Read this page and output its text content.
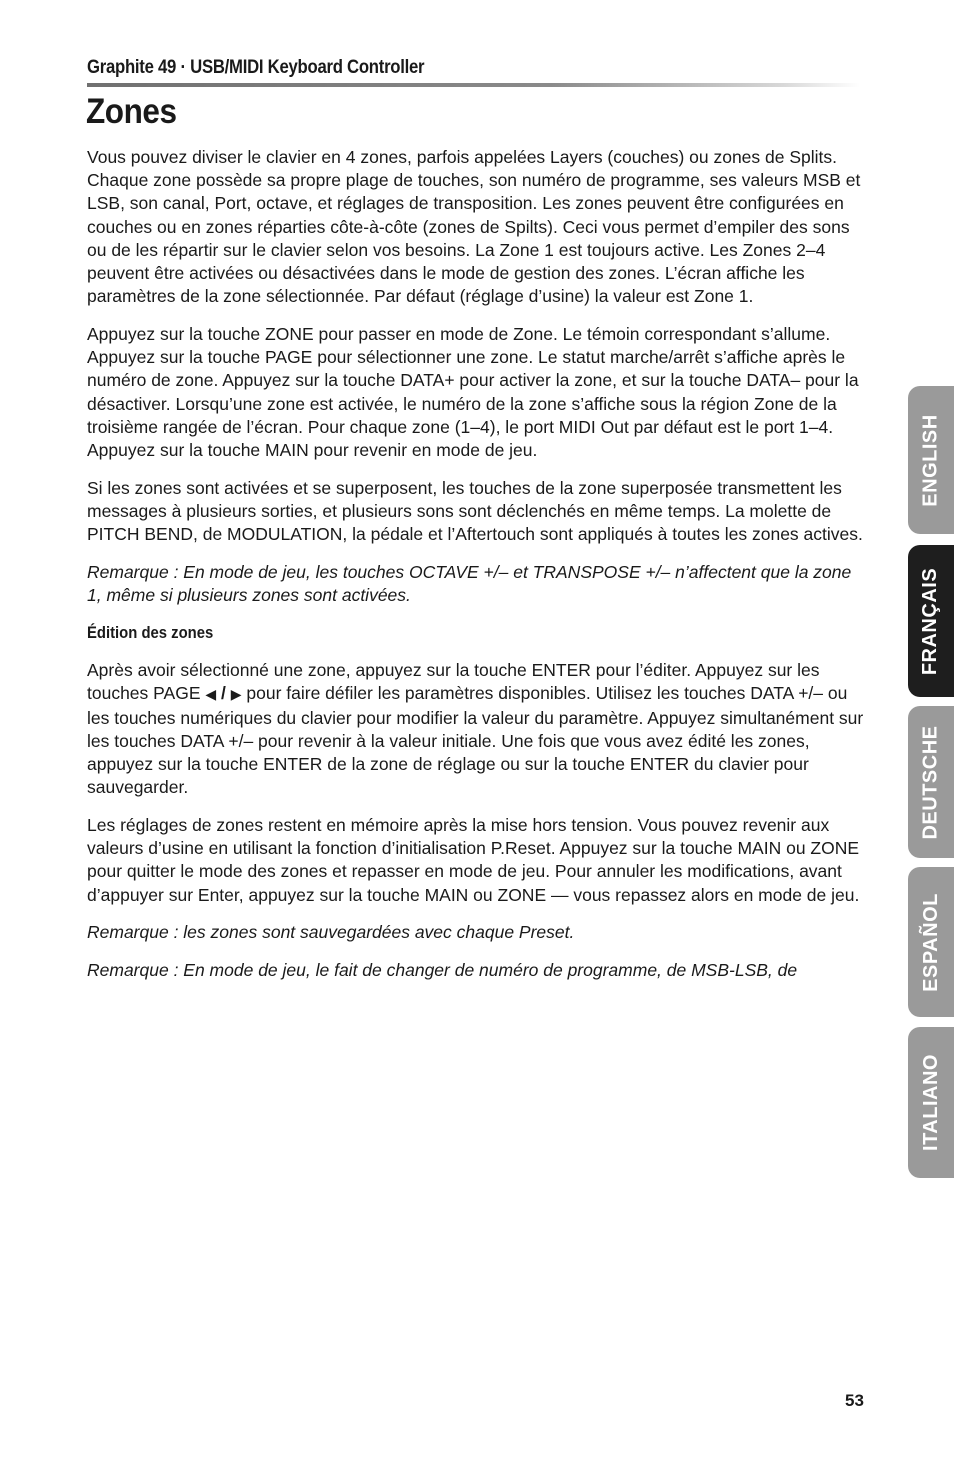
Graphite 49 · USB/MIDI Keyboard Controller
Zones

Vous pouvez diviser le clavier en 4 zones, parfois appelées Layers (couches) ou zones de Splits. Chaque zone possède sa propre plage de touches, son numéro de programme, ses valeurs MSB et LSB, son canal, Port, octave, et réglages de transposition. Les zones peuvent être configurées en couches ou en zones réparties côte-à-côte (zones de Spilts). Ceci vous permet d’empiler des sons ou de les répartir sur le clavier selon vos besoins. La Zone 1 est toujours active. Les Zones 2–4 peuvent être activées ou désactivées dans le mode de gestion des zones. L’écran affiche les paramètres de la zone sélectionnée. Par défaut (réglage d’usine) la valeur est Zone 1.

Appuyez sur la touche ZONE pour passer en mode de Zone. Le témoin correspondant s’allume. Appuyez sur la touche PAGE pour sélectionner une zone. Le statut marche/arrêt s’affiche après le numéro de zone. Appuyez sur la touche DATA+ pour activer la zone, et sur la touche DATA– pour la désactiver. Lorsqu’une zone est activée, le numéro de la zone s’affiche sous la région Zone de la troisième rangée de l’écran. Pour chaque zone (1–4), le port MIDI Out par défaut est le port 1–4. Appuyez sur la touche MAIN pour revenir en mode de jeu.

Si les zones sont activées et se superposent, les touches de la zone superposée transmettent les messages à plusieurs sorties, et plusieurs sons sont déclenchés en même temps. La molette de PITCH BEND, de MODULATION, la pédale et l’Aftertouch sont appliqués à toutes les zones actives.

Remarque : En mode de jeu, les touches OCTAVE +/– et TRANSPOSE +/– n’affectent que la zone 1, même si plusieurs zones sont activées.

Édition des zones

Après avoir sélectionné une zone, appuyez sur la touche ENTER pour l’éditer. Appuyez sur les touches PAGE ◀ / ▶ pour faire défiler les paramètres disponibles. Utilisez les touches DATA +/– ou les touches numériques du clavier pour modifier la valeur du paramètre. Appuyez simultanément sur les touches DATA +/– pour revenir à la valeur initiale. Une fois que vous avez édité les zones, appuyez sur la touche ENTER de la zone de réglage ou sur la touche ENTER du clavier pour sauvegarder.

Les réglages de zones restent en mémoire après la mise hors tension. Vous pouvez revenir aux valeurs d’usine en utilisant la fonction d’initialisation P.Reset. Appuyez sur la touche MAIN ou ZONE pour quitter le mode des zones et repasser en mode de jeu. Pour annuler les modifications, avant d’appuyer sur Enter, appuyez sur la touche MAIN ou ZONE — vous repassez alors en mode de jeu.

Remarque : les zones sont sauvegardées avec chaque Preset.

Remarque : En mode de jeu, le fait de changer de numéro de programme, de MSB-LSB, de

ENGLISH
FRANÇAIS
DEUTSCHE
ESPAÑOL
ITALIANO
53
